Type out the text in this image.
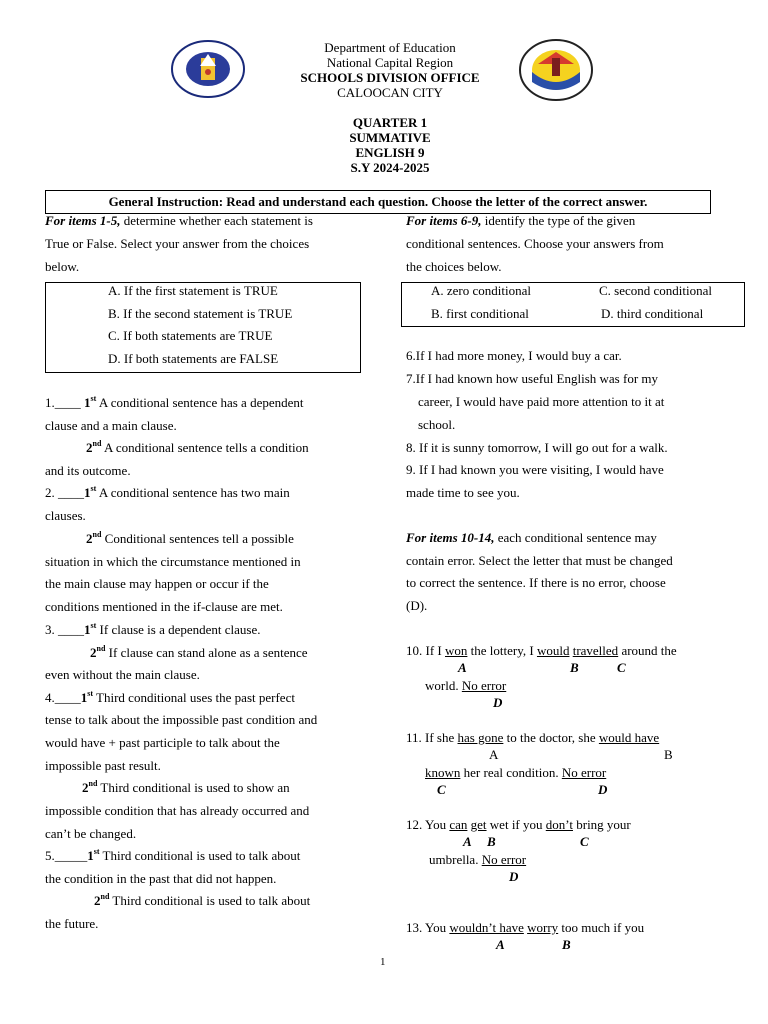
Department of Education
National Capital Region
SCHOOLS DIVISION OFFICE
CALOOCAN CITY
QUARTER 1
SUMMATIVE
ENGLISH 9
S.Y 2024-2025
General Instruction: Read and understand each question. Choose the letter of the correct answer.
For items 1-5, determine whether each statement is
True or False. Select your answer from the choices
below.
A. If the first statement is TRUE
B. If the second statement is TRUE
C. If both statements are TRUE
D. If both statements are FALSE
1.____ 1st A conditional sentence has a dependent
clause and a main clause.
2nd A conditional sentence tells a condition
and its outcome.
2. ____1st A conditional sentence has two main
clauses.
2nd Conditional sentences tell a possible
situation in which the circumstance mentioned in
the main clause may happen or occur if the
conditions mentioned in the if-clause are met.
3. ____1st If clause is a dependent clause.
2nd If clause can stand alone as a sentence
even without the main clause.
4.____1st Third conditional uses the past perfect
tense to talk about the impossible past condition and
would have + past participle to talk about the
impossible past result.
2nd Third conditional is used to show an
impossible condition that has already occurred and
can’t be changed.
5._____1st Third conditional is used to talk about
the condition in the past that did not happen.
2nd Third conditional is used to talk about
the future.
For items 6-9, identify the type of the given
conditional sentences. Choose your answers from
the choices below.
A. zero conditional	C. second conditional
B. first conditional	D. third conditional
6.If I had more money, I would buy a car.
7.If I had known how useful English was for my
career, I would have paid more attention to it at
school.
8. If it is sunny tomorrow, I will go out for a walk.
9. If I had known you were visiting, I would have
made time to see you.
For items 10-14, each conditional sentence may
contain error. Select the letter that must be changed
to correct the sentence. If there is no error, choose
(D).
10. If I won the lottery, I would travelled around the
A	B	C
world. No error
D
11. If she has gone to the doctor, she would have
A	B
known her real condition. No error
C	D
12. You can get wet if you don’t bring your
A B	C
umbrella. No error
D
13. You wouldn’t have worry too much if you
A	B
1
